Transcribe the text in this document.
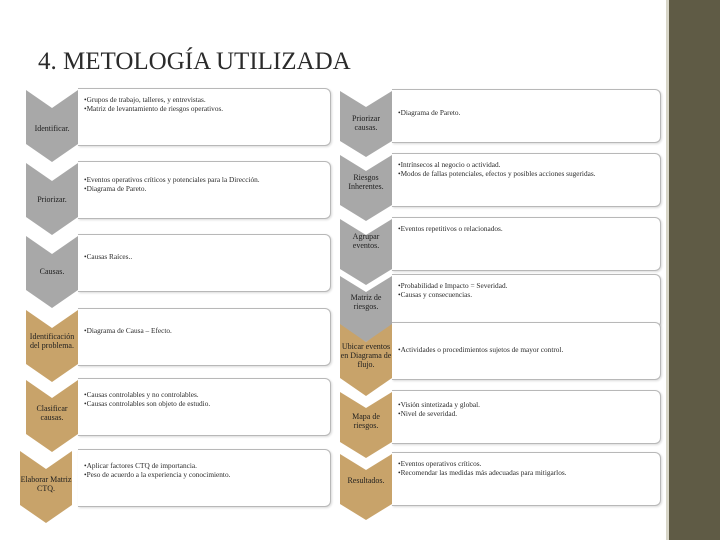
4. METOLOGÍA UTILIZADA
• Grupos de trabajo, talleres, y entrevistas.
• Matriz de levantamiento de riesgos operativos.
Identificar.
• Eventos operativos críticos y potenciales para la Dirección.
• Diagrama de Pareto.
Priorizar.
• Causas Raíces..
Causas.
• Diagrama de Causa – Efecto.
Identificación del problema.
• Causas controlables y no controlables.
• Causas controlables son objeto de estudio.
Clasificar causas.
• Aplicar factores CTQ de importancia.
• Peso de acuerdo a la experiencia y conocimiento.
Elaborar Matriz CTQ.
• Diagrama de Pareto.
Priorizar causas.
• Intrínsecos al negocio o actividad.
• Modos de fallas potenciales, efectos y posibles acciones sugeridas.
Riesgos Inherentes.
• Eventos repetitivos o relacionados.
Agrupar eventos.
• Probabilidad e Impacto = Severidad.
• Causas y consecuencias.
Matriz de riesgos.
• Actividades o procedimientos sujetos de mayor control.
Ubicar eventos en Diagrama de flujo.
• Visión sintetizada y global.
• Nivel de severidad.
Mapa de riesgos.
• Eventos operativos críticos.
• Recomendar las medidas más adecuadas para mitigarlos.
Resultados.
